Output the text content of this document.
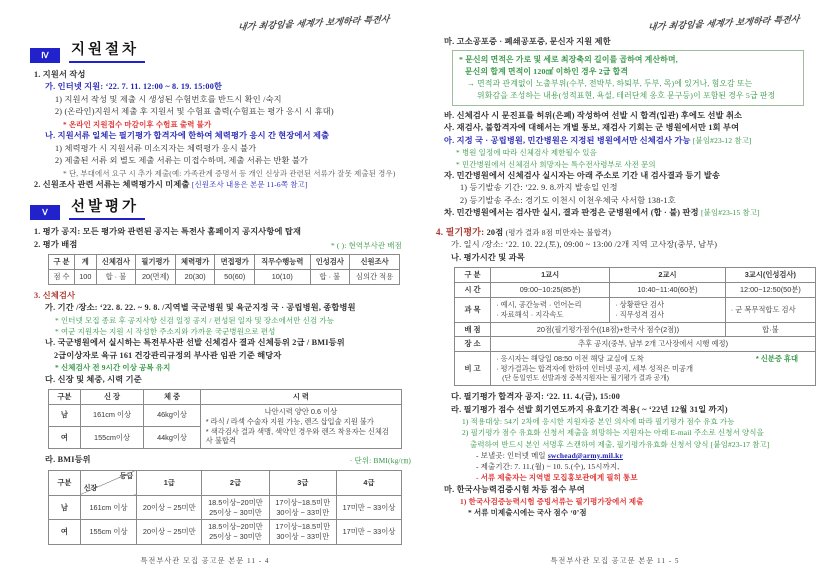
내가 최강임을 세계가 보게하라 특전사
Ⅳ	지원절차
1. 지원서 작성
가. 인터넷 지원: ‘22. 7. 11. 12:00 ~ 8. 19. 15:00한
1) 지원서 작성 및 제출 시 생성된 수험번호를 반드시 확인 /숙지
2) (온라인)지원서 제출 후 지원서 및 수험표 출력(수험표는 평가 응시 시 휴대)
* 온라인 지원접수 마감이후 수험표 출력 불가
나. 지원서류 일체는 필기평가 합격자에 한하여 체력평가 응시 간 현장에서 제출
1) 체력평가 시 지원서류 미소지자는 체력평가 응시 불가
2) 제출된 서류 외 별도 제출 서류는 미접수하며, 제출 서류는 반환 불가
* 단, 부대에서 요구 시 추가 제출(예: 가족관계 증명서 등 개인 신상과 관련된 서류가 잘못 제출된 경우)
2. 신원조사 관련 서류는 체력평가시 미제출 [신원조사 내용은 본문 11-6쪽 참고]
Ⅴ	선발평가
1. 평가 공지: 모든 평가와 관련된 공지는 특전사 홈페이지 공지사항에 탑재
2. 평가 배점	* ( ): 현역부사관 배점
구 분	계	신체검사	필기평가	체력평가	면접평가	직무수행능력	인성검사	신원조사
점 수	100	합 · 불	20(면제)	20(30)	50(60)	10(10)	합 · 불	심의간 적용
3. 신체검사
가. 기간 /장소: ‘22. 8. 22. ~ 9. 8. /지역별 국군병원 및 육군지정 국 · 공립병원, 종합병원
* 인터넷 모집 종료 후 공지사항 신검 일정 공지 / 편성된 일자 및 장소에서만 신검 가능
* 여군 지원자는 지원 시 작성한 주소지와 가까운 국군병원으로 편성
나. 국군병원에서 실시하는 특전부사관 선발 신체검사 결과 신체등위 2급 / BMI등위
2급이상자로 육규 161 건강관리규정의 부사관 임관 기준 해당자
* 신체검사 전 9시간 이상 공복 유지
다. 신장 및 체중, 시력 기준
구분	신 장	체 중	시 력
남	161cm 이상	46kg이상	나안시력 양안 0.6 이상
* 라식 / 라섹 수술자 지원 가능, 렌즈 삽입술 지원 불가
* 색각검사 결과 색맹, 색약인 경우와 렌즈 착용자는 신체검사 불합격

여	155cm이상	44kg이상	
라. BMI등위	· 단위: BMI(kg/㎝)
구분	등급
신장	1급	2급	3급	4급
남	161cm 이상	20이상 ~ 25미만	
18.5이상~20미만
25이상 ~ 30미만

17이상~18.5미만
30이상 ~ 33미만
	17미만 ~ 33이상
여	155cm 이상	20이상 ~ 25미만	
18.5이상~20미만
25이상 ~ 30미만

17이상~18.5미만
30이상 ~ 33미만
	17미만 ~ 33이상
특전부사관 모집 공고문 본문 11 - 4
내가 최강임을 세계가 보게하라 특전사
마. 고소공포증 · 폐쇄공포증, 문신자 지원 제한
* 문신의 면적은 가로 및 세로 최장축의 길이를 곱하여 계산하며,
문신의 합계 면적이 120㎠ 이하인 경우 2급 합격
→ 면적과 관계없이 노출부위(수부, 전박부, 하퇴부, 두부, 목)에 있거나, 혐오감 또는
위화감을 조성하는 내용(성적표현, 욕설, 테러단체 옹호 문구등)이 포함된 경우 5급 판정
바. 신체검사 시 문진표를 허위(은폐) 작성하여 선발 시 합격(입관) 후에도 선발 취소
사. 재검사, 불합격자에 대해서는 개별 통보, 재검사 기회는 군 병원에서만 1회 부여
아. 지정 국 · 공립병원, 민간병원은 지정된 병원에서만 신체검사 가능 [붙임#23-12 참고]
* 병원 일정에 따라 신체검사 제한될수 있음
* 민간병원에서 신체검사 희망자는 특수전사령부로 사전 문의
자. 민간병원에서 신체검사 실시자는 아래 주소로 기간 내 검사결과 등기 발송
1) 등기발송 기간: ‘22. 9. 8.까지 발송일 인정
2) 등기발송 주소: 경기도 이천시 이천우체국 사서함 138-1호
차. 민간병원에서는 검사만 실시, 결과 판정은 군병원에서 (합 · 불) 판정 [붙임#23-15 참고]
4. 필기평가: 20점 (평가 결과 8점 미만자는 불합격)
가. 일시 /장소: ‘22. 10. 22.(토), 09:00 ~ 13:00 /2개 지역 고사장(중부, 남부)
나. 평가시간 및 과목
구 분	1교시	2교시	3교시(인성검사)
시 간	09:00~10:25(85분)	10:40~11:40(60분)	12:00~12:50(50분)
과 목	
· 예시, 공간능력 · 언어논리
· 자료해석 · 지각속도

· 상황판단 검사
· 직무성격 검사
	· 군 복무적합도 검사
배 점	20점(필기평가점수((18점)+한국사 점수(2점))		합·불
장 소	추후 공지(중부, 남부 2개 고사장에서 시행 예정)		
비 고	· 응시자는 해당일 08:50 이전 해당 교실에 도착 * 신분증 휴대
· 평가결과는 합격자에 한하여 인터넷 공지, 세부 성적은 미공개
(단 동일연도 선발과정 중복지원자는 필기평가 결과 공개)		
다. 필기평가 합격자 공지: ‘22. 11. 4.(금), 15:00
라. 필기평가 점수 선발 회기연도까지 유효기간 적용( ~ ‘22년 12월 31일 까지)
1) 적용대상: 54기 2차에 응시한 지원자중 본인 의사에 따라 필기평가 점수 유효 가능
2) 필기평가 점수 유효화 신청서 제출을 희망하는 지원자는 아래 E-mail 주소로 신청서 양식을
출력하여 반드시 본인 서명후 스캔하여 제출, 필기평가유효화 신청서 양식 [붙임#23-17 참고]
- 보낼곳: 인터넷 메일 swchead@army.mil.kr
- 제출기간: 7. 11.(월) ~ 10. 5.(수), 15시까지,
- 서류 제출자는 지역별 모집홍보관에게 필히 통보
마. 한국사능력검증시험 차등 점수 부여
1) 한국사검증능력시험 증빙서류는 필기평가장에서 제출
* 서류 미제출시에는 국사 점수 ‘0’점
특전부사관 모집 공고문 본문 11 - 5
